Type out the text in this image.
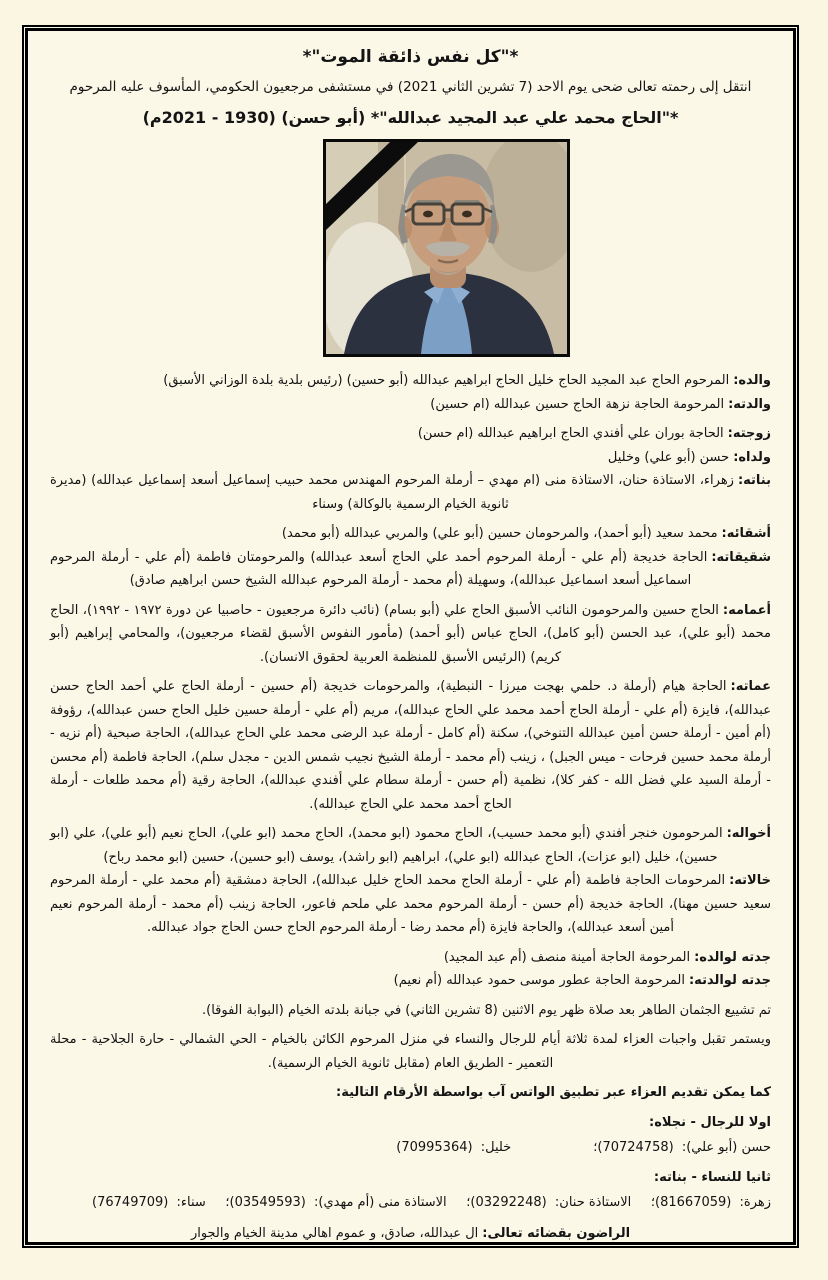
*"كل نفس ذائقة الموت"*
انتقل إلى رحمته تعالى ضحى يوم الاحد (7 تشرين الثاني 2021) في مستشفى مرجعيون الحكومي، المأسوف عليه المرحوم
*"الحاج محمد علي عبد المجيد عبدالله"* (أبو حسن) (1930 - 2021م)
والده:المرحوم الحاج عبد المجيد الحاج خليل الحاج ابراهيم عبدالله (أبو حسين) (رئيس بلدية بلدة الوزاني الأسبق)
والدته:المرحومة الحاجة نزهة الحاج حسين عبدالله (ام حسين)
زوجته:الحاجة بوران علي أفندي الحاج ابراهيم عبدالله (ام حسن)
ولداه:حسن (أبو علي) وخليل
بناته:زهراء، الاستاذة حنان، الاستاذة منى (ام مهدي – أرملة المرحوم المهندس محمد حبيب إسماعيل أسعد إسماعيل عبدالله) (مديرة ثانوية الخيام الرسمية بالوكالة) وسناء
أشقائه:محمد سعيد (أبو أحمد)، والمرحومان حسين (أبو علي) والمربي عبدالله (أبو محمد)
شقيقاته:الحاجة خديجة (أم علي - أرملة المرحوم أحمد علي الحاج أسعد عبدالله) والمرحومتان فاطمة (أم علي - أرملة المرحوم اسماعيل أسعد اسماعيل عبدالله)، وسهيلة (أم محمد - أرملة المرحوم عبدالله الشيخ حسن ابراهيم صادق)
أعمامه:الحاج حسين والمرحومون النائب الأسبق الحاج علي (أبو بسام) (نائب دائرة مرجعيون - حاصبيا عن دورة ١٩٧٢ - ١٩٩٢)، الحاج محمد (أبو علي)، عبد الحسن (أبو كامل)، الحاج عباس (أبو أحمد) (مأمور النفوس الأسبق لقضاء مرجعيون)، والمحامي إبراهيم (أبو كريم) (الرئيس الأسبق للمنظمة العربية لحقوق الانسان).
عماته:الحاجة هيام (أرملة د. حلمي بهجت ميرزا - النبطية)، والمرحومات خديجة (أم حسين - أرملة الحاج علي أحمد الحاج حسن عبدالله)، فايزة (أم علي - أرملة الحاج أحمد محمد علي الحاج عبدالله)، مريم (أم علي - أرملة حسين خليل الحاج حسن عبدالله)، رؤوفة (أم أمين - أرملة حسن أمين عبدالله التنوخي)، سكنة (أم كامل - أرملة عبد الرضى محمد علي الحاج عبدالله)، الحاجة صبحية (أم نزيه - أرملة محمد حسين فرحات - ميس الجبل) ، زينب (أم محمد - أرملة الشيخ نجيب شمس الدين - مجدل سلم)، الحاجة فاطمة (أم محسن - أرملة السيد علي فضل الله - كفر كلا)، نظمية (أم حسن - أرملة سطام علي أفندي عبدالله)، الحاجة رقية (أم محمد طلعات - أرملة الحاج أحمد محمد علي الحاج عبدالله).
أخواله:المرحومون خنجر أفندي (أبو محمد حسيب)، الحاج محمود (ابو محمد)، الحاج محمد (ابو علي)، الحاج نعيم (أبو علي)، علي (ابو حسين)، خليل (ابو عزات)، الحاج عبدالله (ابو علي)، ابراهيم (ابو راشد)، يوسف (ابو حسين)، حسين (ابو محمد رباح)
خالاته:المرحومات الحاجة فاطمة (أم علي - أرملة الحاج محمد الحاج خليل عبدالله)، الحاجة دمشقية (أم محمد علي - أرملة المرحوم سعيد حسين مهنا)، الحاجة خديجة (أم حسن - أرملة المرحوم محمد علي ملحم فاعور، الحاجة زينب (أم محمد - أرملة المرحوم نعيم أمين أسعد عبدالله)، والحاجة فايزة (أم محمد رضا - أرملة المرحوم الحاج حسن الحاج جواد عبدالله.
جدته لوالده:المرحومة الحاجة أمينة منصف (أم عبد المجيد)
جدته لوالدته:المرحومة الحاجة عطور موسى حمود عبدالله (أم نعيم)
تم تشييع الجثمان الطاهر بعد صلاة ظهر يوم الاثنين (8 تشرين الثاني) في جبانة بلدته الخيام (البوابة الفوقا).
ويستمر تقبل واجبات العزاء لمدة ثلاثة أيام للرجال والنساء في منزل المرحوم الكائن بالخيام - الحي الشمالي - حارة الجلاحية - محلة التعمير - الطريق العام (مقابل ثانوية الخيام الرسمية).
كما يمكن تقديم العزاء عبر تطبيق الواتس آب بواسطة الأرقام التالية:
اولا للرجال - نجلاه:
حسن (أبو علي): (70724758)؛
خليل: (70995364)
ثانيا للنساء - بناته:
زهرة: (81667059)؛
الاستاذة حنان: (03292248)؛
الاستاذة منى (أم مهدي): (03549593)؛
سناء: (76749709)
الراضون بقضائه تعالى:ال عبدالله، صادق، و عموم اهالي مدينة الخيام والجوار
